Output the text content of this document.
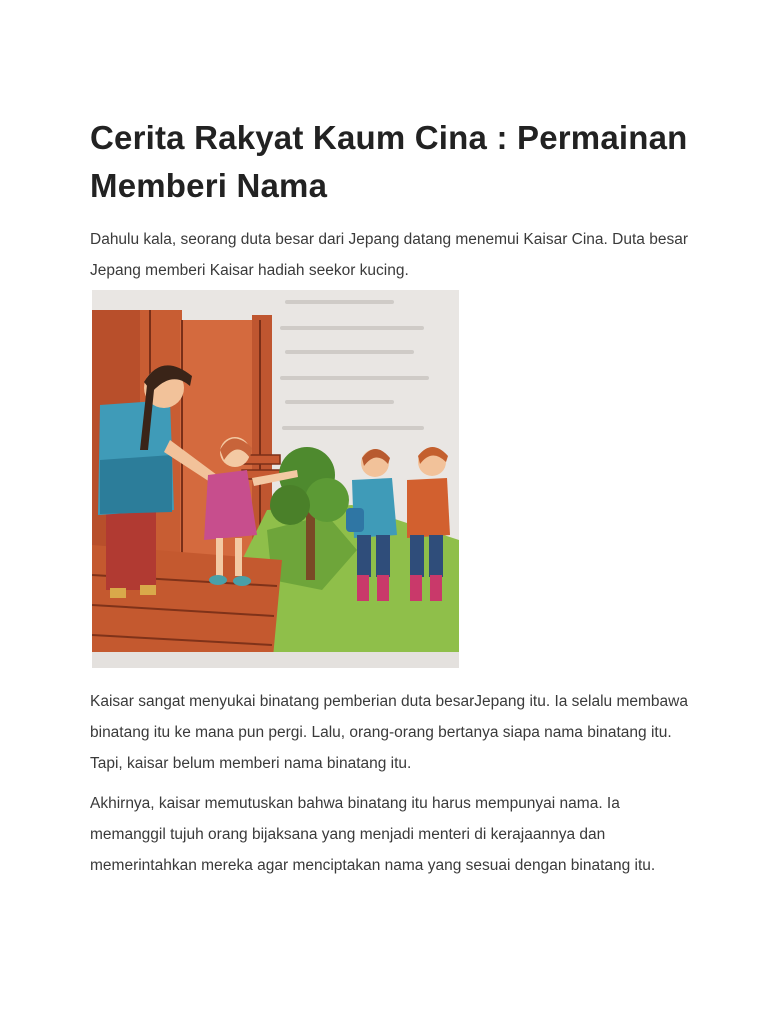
Cerita Rakyat Kaum Cina : Permainan Memberi Nama

Dahulu kala, seorang duta besar dari Jepang datang menemui Kaisar Cina. Duta besar Jepang memberi Kaisar hadiah seekor kucing.

Kaisar sangat menyukai binatang pemberian duta besarJepang itu. Ia selalu membawa binatang itu ke mana pun pergi. Lalu, orang-orang bertanya siapa nama binatang itu. Tapi, kaisar belum memberi nama binatang itu.

Akhirnya, kaisar memutuskan bahwa binatang itu harus mempunyai nama. Ia memanggil tujuh orang bijaksana yang menjadi menteri di kerajaannya dan memerintahkan mereka agar menciptakan nama yang sesuai dengan binatang itu.
